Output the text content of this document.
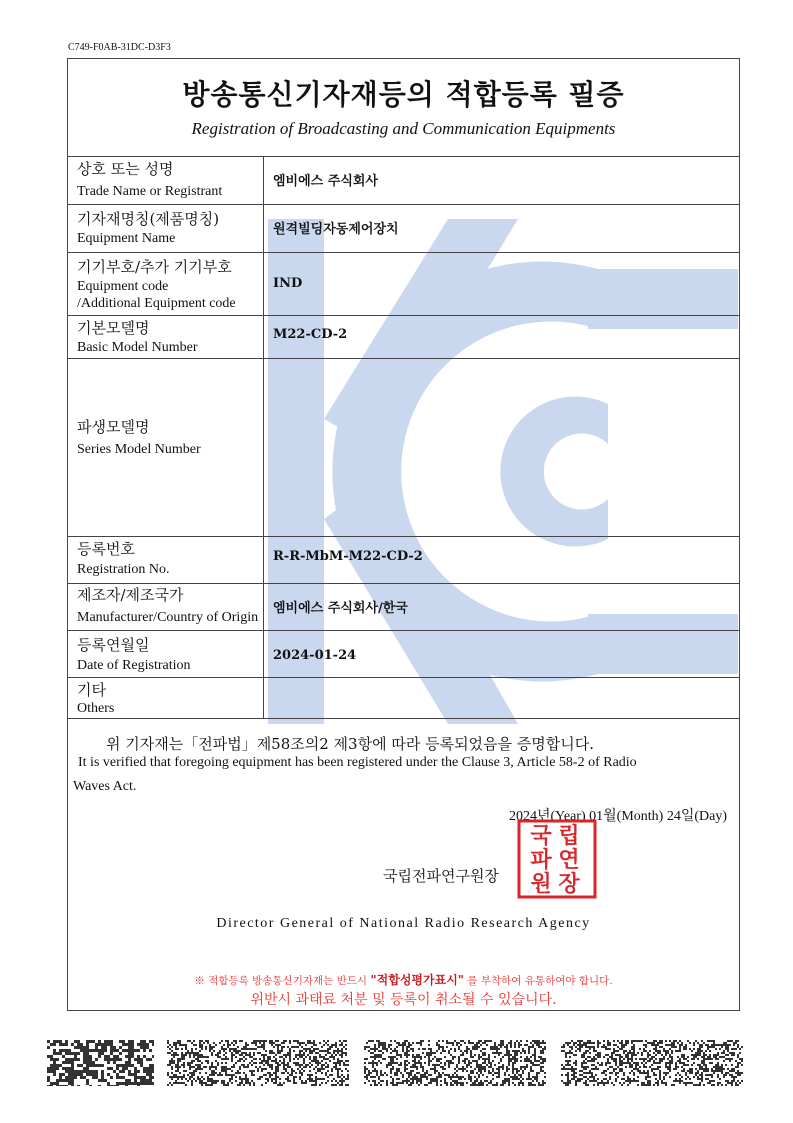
C749-F0AB-31DC-D3F3
방송통신기자재등의 적합등록 필증
Registration of Broadcasting and Communication Equipments
상호 또는 성명
Trade Name or Registrant
엠비에스 주식회사
기자재명칭(제품명칭)
Equipment Name
원격빌딩자동제어장치
기기부호/추가 기기부호
Equipment code
/Additional Equipment code
IND
기본모델명
Basic Model Number
M22-CD-2
파생모델명
Series Model Number
등록번호
Registration No.
R-R-MbM-M22-CD-2
제조자/제조국가
Manufacturer/Country of Origin
엠비에스 주식회사/한국
등록연월일
Date of Registration
2024-01-24
기타
Others
위 기자재는「전파법」제58조의2 제3항에 따라 등록되었음을 증명합니다.
It is verified that foregoing equipment has been registered under the Clause 3, Article 58-2 of Radio
Waves Act.
2024년(Year) 01월(Month) 24일(Day)
국립전파연구원장
립
연
장
국
파
원
Director General of National Radio Research Agency
※ 적합등록 방송통신기자재는 반드시 "적합성평가표시" 를 부착하여 유통하여야 합니다.
위반시 과태료 처분 및 등록이 취소될 수 있습니다.
